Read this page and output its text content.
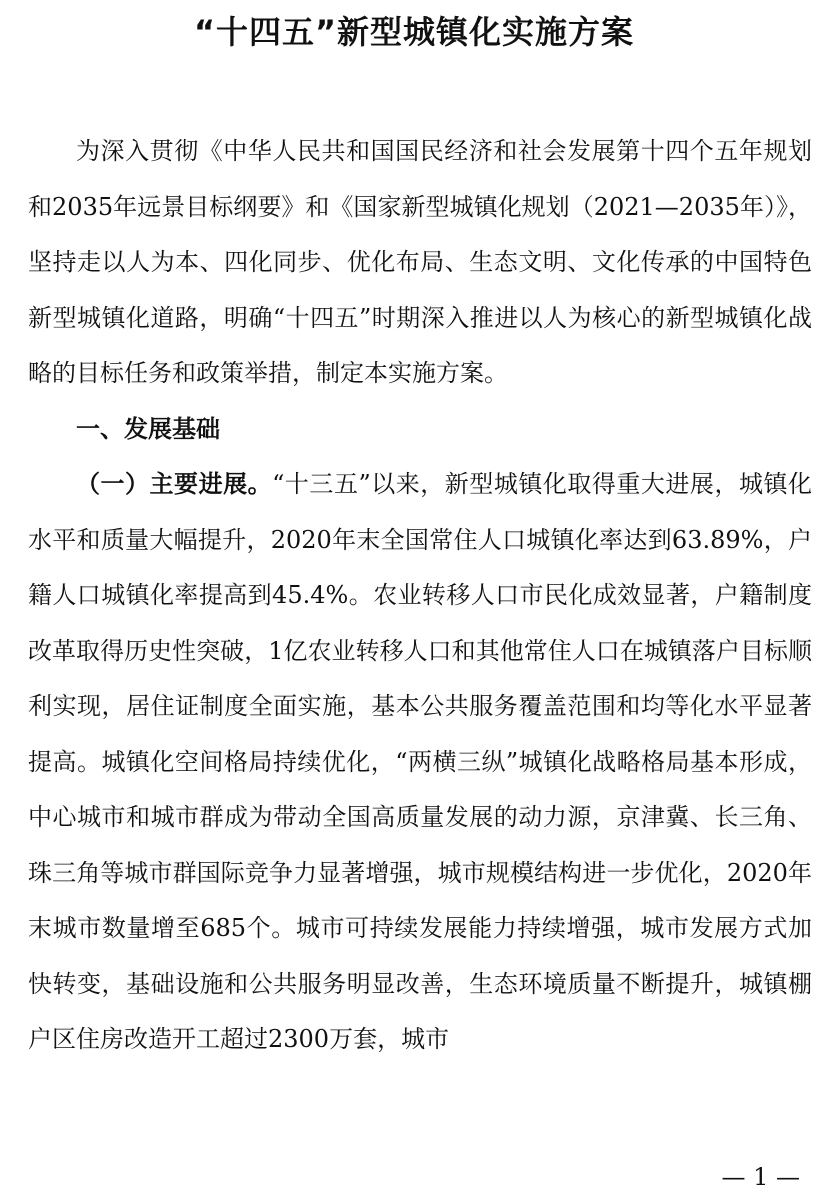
“十四五”新型城镇化实施方案

为深入贯彻《中华人民共和国国民经济和社会发展第十四个五年规划和2035年远景目标纲要》和《国家新型城镇化规划（2021—2035年）》，坚持走以人为本、四化同步、优化布局、生态文明、文化传承的中国特色新型城镇化道路，明确“十四五”时期深入推进以人为核心的新型城镇化战略的目标任务和政策举措，制定本实施方案。

一、发展基础

（一）主要进展。“十三五”以来，新型城镇化取得重大进展，城镇化水平和质量大幅提升，2020年末全国常住人口城镇化率达到63.89%，户籍人口城镇化率提高到45.4%。农业转移人口市民化成效显著，户籍制度改革取得历史性突破，1亿农业转移人口和其他常住人口在城镇落户目标顺利实现，居住证制度全面实施，基本公共服务覆盖范围和均等化水平显著提高。城镇化空间格局持续优化，“两横三纵”城镇化战略格局基本形成，中心城市和城市群成为带动全国高质量发展的动力源，京津冀、长三角、珠三角等城市群国际竞争力显著增强，城市规模结构进一步优化，2020年末城市数量增至685个。城市可持续发展能力持续增强，城市发展方式加快转变，基础设施和公共服务明显改善，生态环境质量不断提升，城镇棚户区住房改造开工超过2300万套，城市

— 1 —
